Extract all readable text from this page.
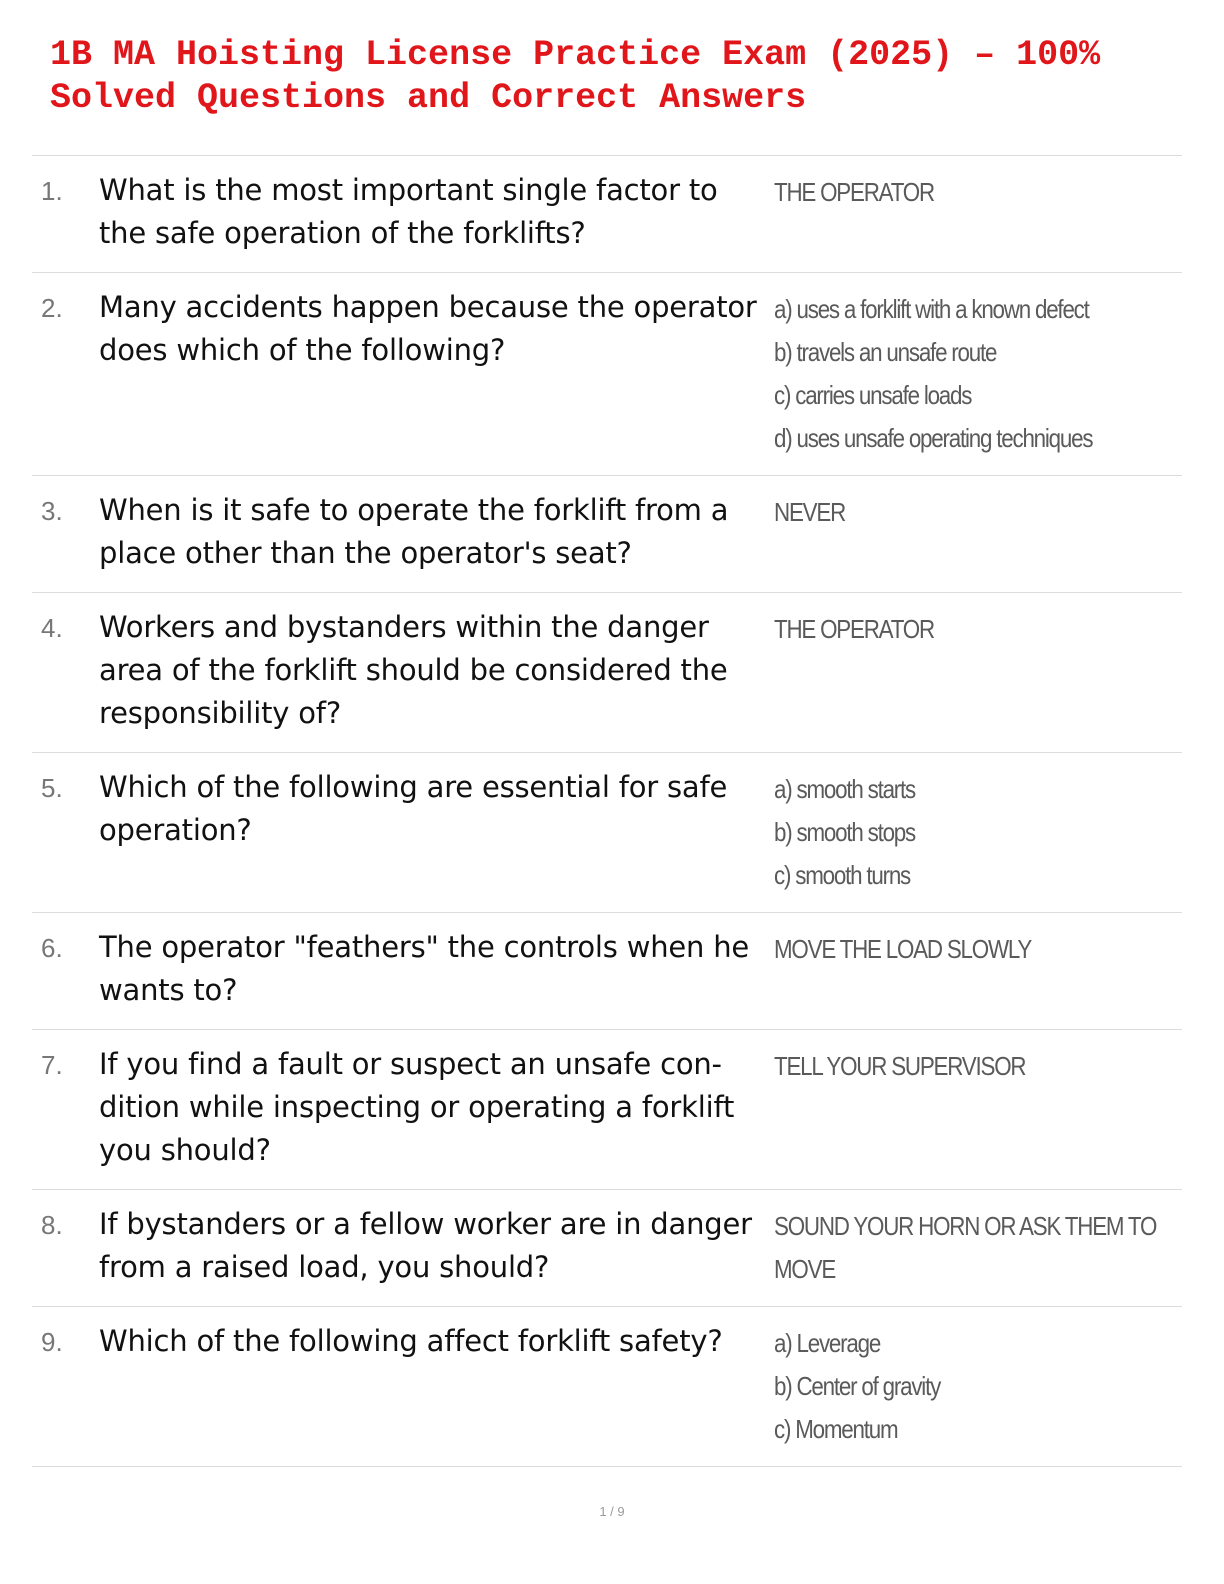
1B MA Hoisting License Practice Exam (2025) – 100% Solved Questions and Correct Answers
1. What is the most important single factor to the safe operation of the forklifts?
THE OPERATOR
2. Many accidents happen because the operator does which of the following?
a) uses a forklift with a known defect
b) travels an unsafe route
c) carries unsafe loads
d) uses unsafe operating techniques
3. When is it safe to operate the forklift from a place other than the operator's seat?
NEVER
4. Workers and bystanders within the danger area of the forklift should be considered the responsibility of?
THE OPERATOR
5. Which of the following are essential for safe operation?
a) smooth starts
b) smooth stops
c) smooth turns
6. The operator "feathers" the controls when he wants to?
MOVE THE LOAD SLOWLY
7. If you find a fault or suspect an unsafe con- dition while inspecting or operating a forklift you should?
TELL YOUR SUPERVISOR
8. If bystanders or a fellow worker are in danger from a raised load, you should?
SOUND YOUR HORN OR ASK THEM TO
MOVE
9. Which of the following affect forklift safety?	a) Leverage
b) Center of gravity
c) Momentum
1 / 9
